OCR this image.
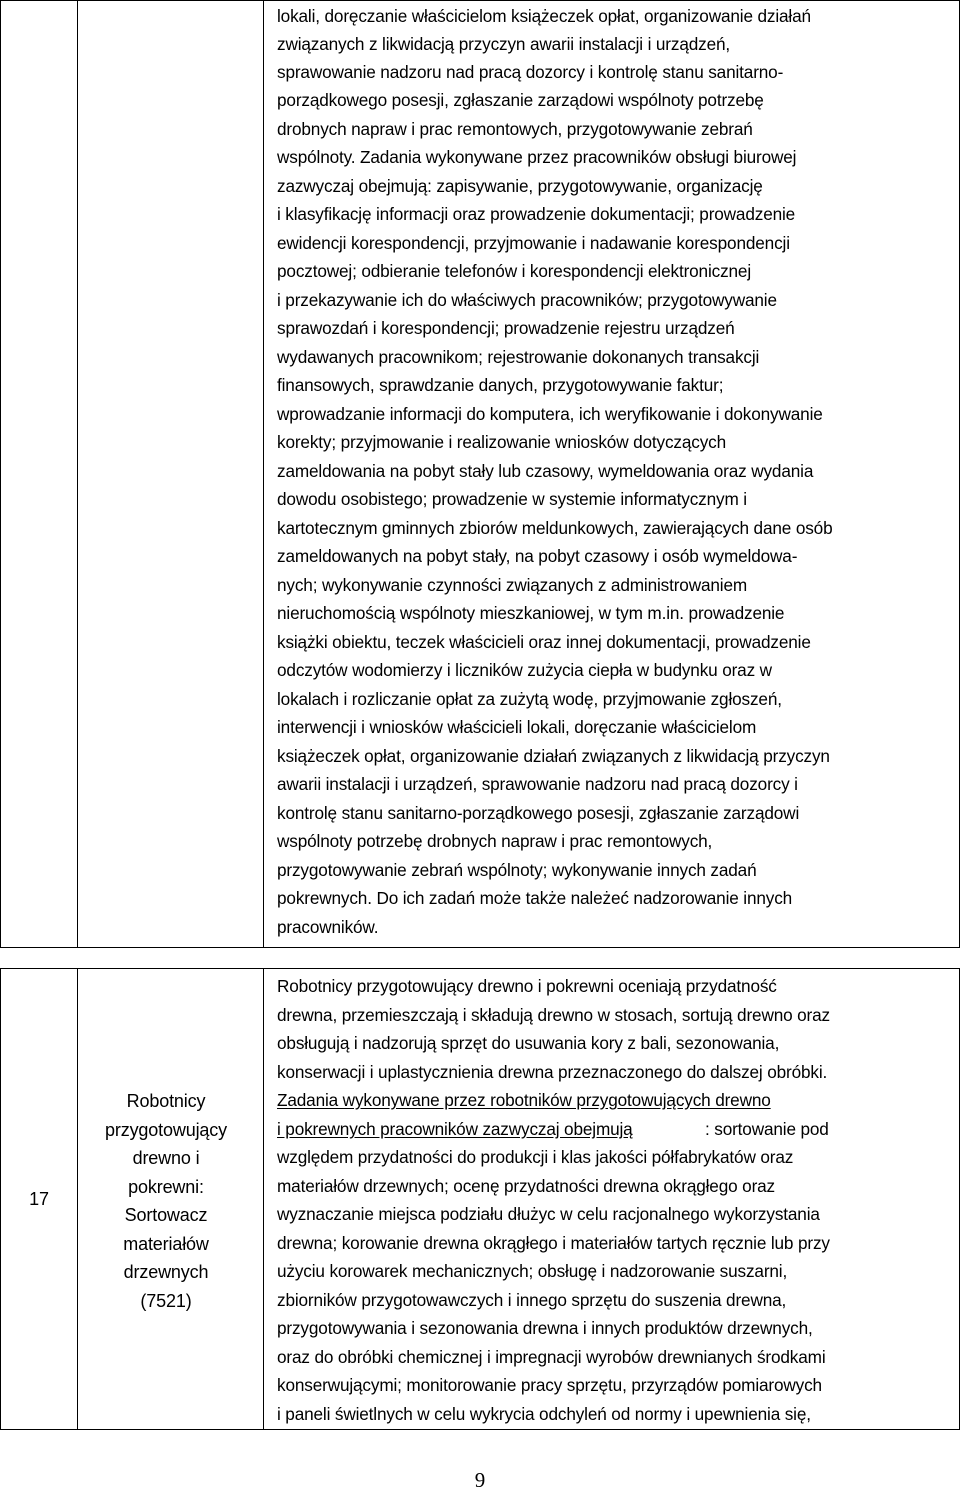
lokali, doręczanie właścicielom książeczek opłat, organizowanie działań
związanych z likwidacją przyczyn awarii instalacji i urządzeń,
sprawowanie nadzoru nad pracą dozorcy i kontrolę stanu sanitarno-
porządkowego posesji, zgłaszanie zarządowi wspólnoty potrzebę
drobnych napraw i prac remontowych, przygotowywanie zebrań
wspólnoty. Zadania wykonywane przez pracowników obsługi biurowej
zazwyczaj obejmują: zapisywanie, przygotowywanie, organizację
i klasyfikację informacji oraz prowadzenie dokumentacji; prowadzenie
ewidencji korespondencji, przyjmowanie i nadawanie korespondencji
pocztowej; odbieranie telefonów i korespondencji elektronicznej
i przekazywanie ich do właściwych pracowników; przygotowywanie
sprawozdań i korespondencji; prowadzenie rejestru urządzeń
wydawanych pracownikom; rejestrowanie dokonanych transakcji
finansowych, sprawdzanie danych, przygotowywanie faktur;
wprowadzanie informacji do komputera, ich weryfikowanie i dokonywanie
korekty; przyjmowanie i realizowanie wniosków dotyczących
zameldowania na pobyt stały lub czasowy, wymeldowania oraz wydania
dowodu osobistego; prowadzenie w systemie informatycznym i
kartotecznym gminnych zbiorów meldunkowych, zawierających dane osób
zameldowanych na pobyt stały, na pobyt czasowy i osób wymeldowa-
nych; wykonywanie czynności związanych z administrowaniem
nieruchomością wspólnoty mieszkaniowej, w tym m.in. prowadzenie
książki obiektu, teczek właścicieli oraz innej dokumentacji, prowadzenie
odczytów wodomierzy i liczników zużycia ciepła w budynku oraz w
lokalach i rozliczanie opłat za zużytą wodę, przyjmowanie zgłoszeń,
interwencji i wniosków właścicieli lokali, doręczanie właścicielom
książeczek opłat, organizowanie działań związanych z likwidacją przyczyn
awarii instalacji i urządzeń, sprawowanie nadzoru nad pracą dozorcy i
kontrolę stanu sanitarno-porządkowego posesji, zgłaszanie zarządowi
wspólnoty potrzebę drobnych napraw i prac remontowych,
przygotowywanie zebrań wspólnoty; wykonywanie innych zadań
pokrewnych. Do ich zadań może także należeć nadzorowanie innych
pracowników.
17
Robotnicy
przygotowujący
drewno i
pokrewni:
Sortowacz
materiałów
drzewnych
(7521)
Robotnicy przygotowujący drewno i pokrewni oceniają przydatność
drewna, przemieszczają i składują drewno w stosach, sortują drewno oraz
obsługują i nadzorują sprzęt do usuwania kory z bali, sezonowania,
konserwacji i uplastycznienia drewna przeznaczonego do dalszej obróbki.
Zadania wykonywane przez robotników przygotowujących drewno
i pokrewnych pracowników zazwyczaj obejmują	: sortowanie pod
względem przydatności do produkcji i klas jakości półfabrykatów oraz
materiałów drzewnych; ocenę przydatności drewna okrągłego oraz
wyznaczanie miejsca podziału dłużyc w celu racjonalnego wykorzystania
drewna; korowanie drewna okrągłego i materiałów tartych ręcznie lub przy
użyciu korowarek mechanicznych; obsługę i nadzorowanie suszarni,
zbiorników przygotowawczych i innego sprzętu do suszenia drewna,
przygotowywania i sezonowania drewna i innych produktów drzewnych,
oraz do obróbki chemicznej i impregnacji wyrobów drewnianych środkami
konserwującymi; monitorowanie pracy sprzętu, przyrządów pomiarowych
i paneli świetlnych w celu wykrycia odchyleń od normy i upewnienia się,
9
